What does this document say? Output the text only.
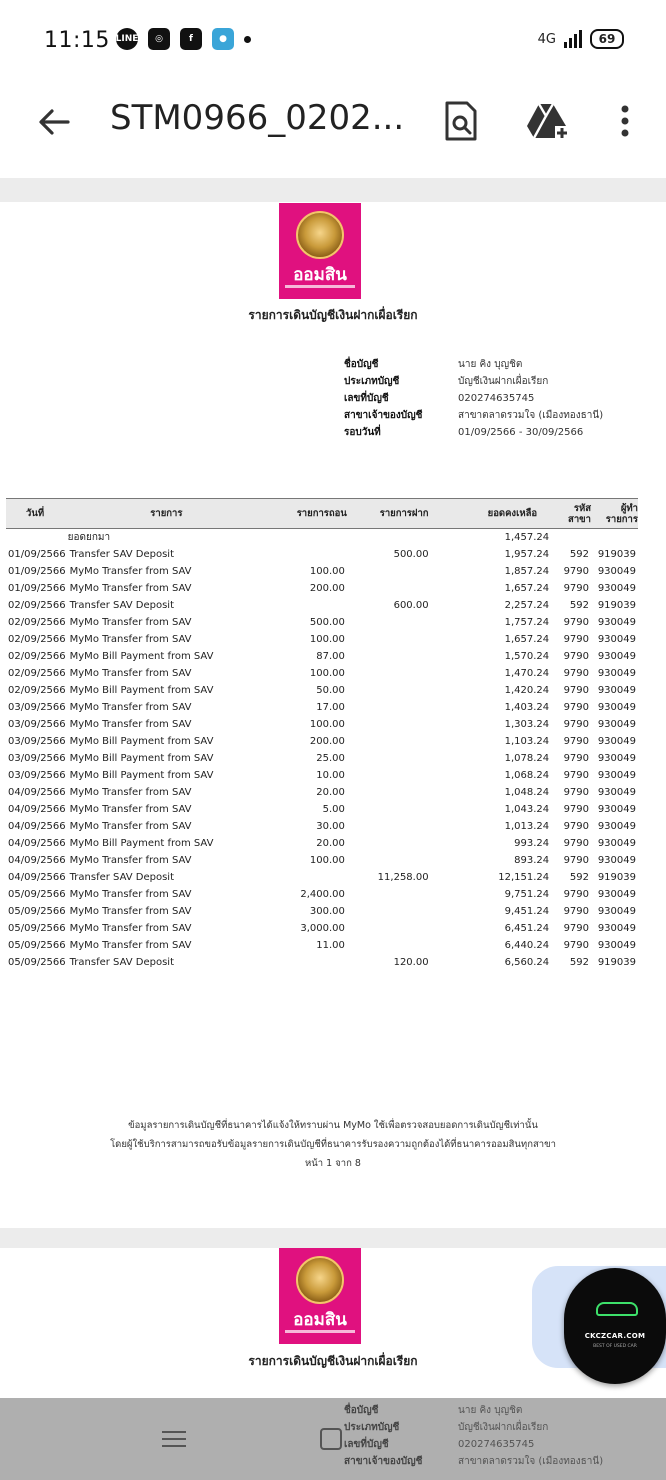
11:15 LINE	◎	f	●	4G	69
STM0966_0202...
ออมสิน
รายการเดินบัญชีเงินฝากเผื่อเรียก
ชื่อบัญชี	นาย คิง บุญชิต
ประเภทบัญชี	บัญชีเงินฝากเผื่อเรียก
เลขที่บัญชี	020274635745
สาขาเจ้าของบัญชี	สาขาตลาดรวมใจ (เมืองทองธานี)
รอบวันที่	01/09/2566 - 30/09/2566
วันที่	รายการ	รายการถอน	รายการฝาก	ยอดคงเหลือ	รหัส สาขา	ผู้ทำ รายการ
	ยอดยกมา			1,457.24		
01/09/2566	Transfer SAV Deposit		500.00	1,957.24	592	919039
01/09/2566	MyMo Transfer from SAV	100.00		1,857.24	9790	930049
01/09/2566	MyMo Transfer from SAV	200.00		1,657.24	9790	930049
02/09/2566	Transfer SAV Deposit		600.00	2,257.24	592	919039
02/09/2566	MyMo Transfer from SAV	500.00		1,757.24	9790	930049
02/09/2566	MyMo Transfer from SAV	100.00		1,657.24	9790	930049
02/09/2566	MyMo Bill Payment from SAV	87.00		1,570.24	9790	930049
02/09/2566	MyMo Transfer from SAV	100.00		1,470.24	9790	930049
02/09/2566	MyMo Bill Payment from SAV	50.00		1,420.24	9790	930049
03/09/2566	MyMo Transfer from SAV	17.00		1,403.24	9790	930049
03/09/2566	MyMo Transfer from SAV	100.00		1,303.24	9790	930049
03/09/2566	MyMo Bill Payment from SAV	200.00		1,103.24	9790	930049
03/09/2566	MyMo Bill Payment from SAV	25.00		1,078.24	9790	930049
03/09/2566	MyMo Bill Payment from SAV	10.00		1,068.24	9790	930049
04/09/2566	MyMo Transfer from SAV	20.00		1,048.24	9790	930049
04/09/2566	MyMo Transfer from SAV	5.00		1,043.24	9790	930049
04/09/2566	MyMo Transfer from SAV	30.00		1,013.24	9790	930049
04/09/2566	MyMo Bill Payment from SAV	20.00		993.24	9790	930049
04/09/2566	MyMo Transfer from SAV	100.00		893.24	9790	930049
04/09/2566	Transfer SAV Deposit		11,258.00	12,151.24	592	919039
05/09/2566	MyMo Transfer from SAV	2,400.00		9,751.24	9790	930049
05/09/2566	MyMo Transfer from SAV	300.00		9,451.24	9790	930049
05/09/2566	MyMo Transfer from SAV	3,000.00		6,451.24	9790	930049
05/09/2566	MyMo Transfer from SAV	11.00		6,440.24	9790	930049
05/09/2566	Transfer SAV Deposit		120.00	6,560.24	592	919039
ข้อมูลรายการเดินบัญชีที่ธนาคารได้แจ้งให้ทราบผ่าน MyMo ใช้เพื่อตรวจสอบยอดการเดินบัญชีเท่านั้น
โดยผู้ใช้บริการสามารถขอรับข้อมูลรายการเดินบัญชีที่ธนาคารรับรองความถูกต้องได้ที่ธนาคารออมสินทุกสาขา
หน้า 1 จาก 8
ออมสิน
รายการเดินบัญชีเงินฝากเผื่อเรียก
CKCZCAR.COM
BEST OF USED CAR
